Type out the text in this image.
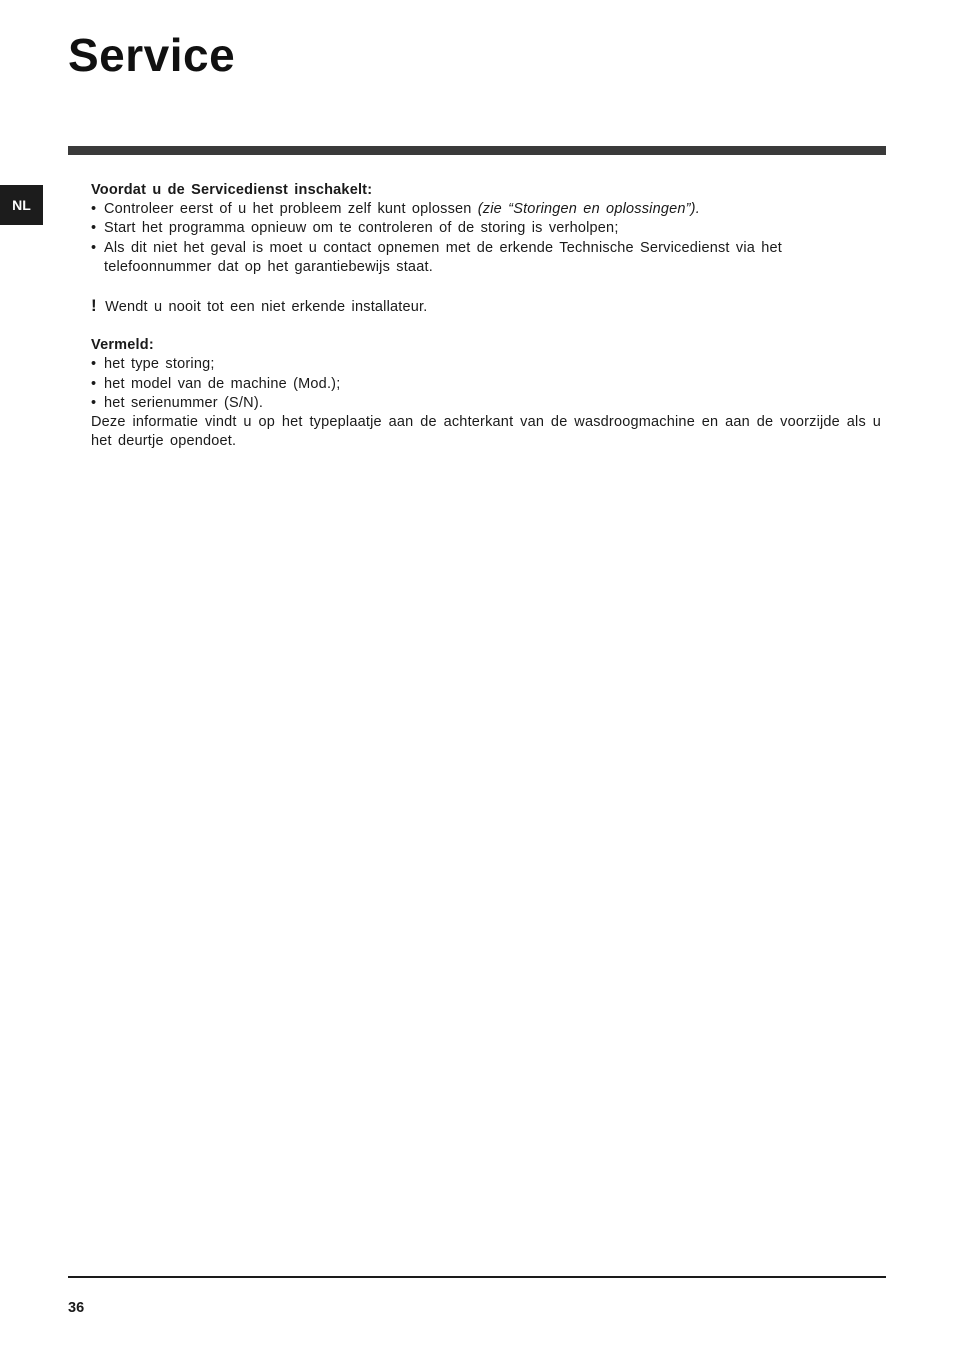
Service
NL

Voordat u de Servicedienst inschakelt:

• Controleer eerst of u het probleem zelf kunt oplossen (zie “Storingen en oplossingen”).
• Start het programma opnieuw om te controleren of de storing is verholpen;
• Als dit niet het geval is moet u contact opnemen met de erkende Technische Servicedienst via het telefoonnummer dat op het garantiebewijs staat.

! Wendt u nooit tot een niet erkende installateur.

Vermeld:

• het type storing;
• het model van de machine (Mod.);
• het serienummer (S/N).

Deze informatie vindt u op het typeplaatje aan de achterkant van de wasdroogmachine en aan de voorzijde als u het deurtje opendoet.

36
